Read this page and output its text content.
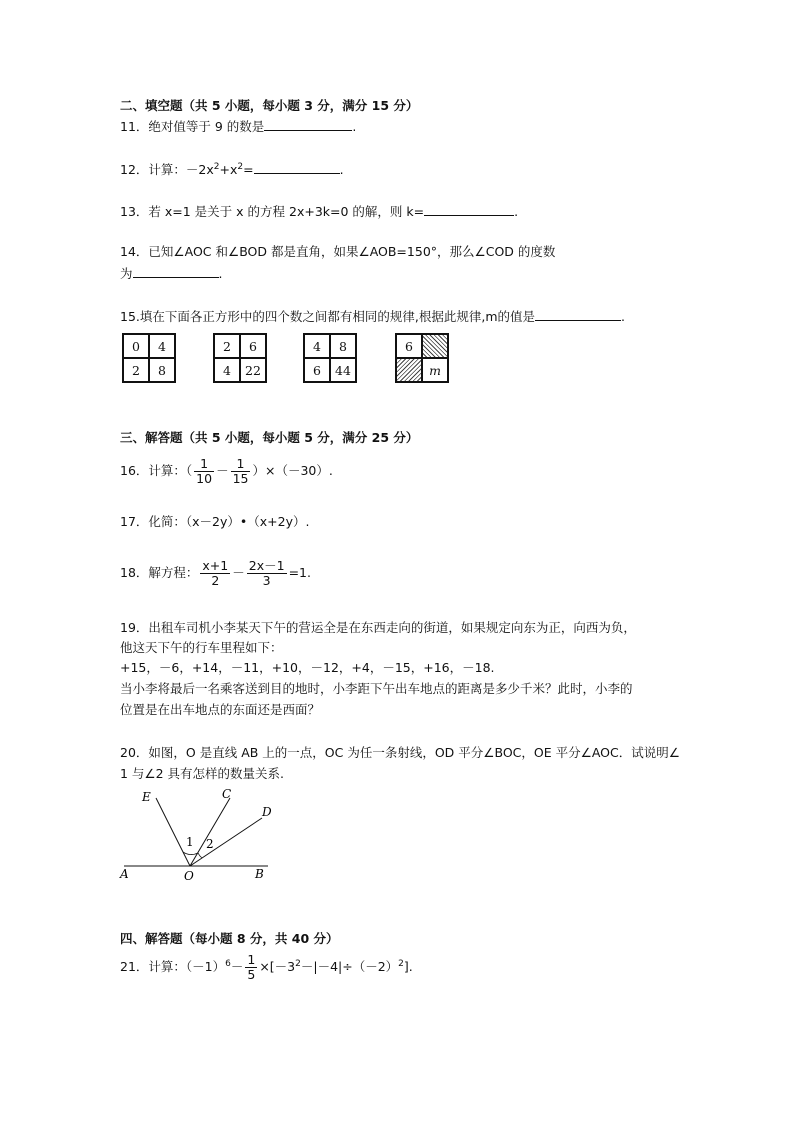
二、填空题（共 5 小题，每小题 3 分，满分 15 分）
11．绝对值等于 9 的数是	.
12．计算：$-2x^2+x^2=$	.
13．若 x=1 是关于 x 的方程 2x+3k=0 的解，则 k=	.
14．已知∠AOC 和∠BOD 都是直角，如果∠AOB=150°，那么∠COD 的度数
为	.
15.填在下面各正方形中的四个数之间都有相同的规律,根据此规律,m的值是	.
0	4
2	8
2	6
4	22
4	8
6	44
6
m
三、解答题（共 5 小题，每小题 5 分，满分 25 分）
16．计算：（ $\frac{1}{10} - \frac{1}{15} )\times(-30)$.
17．化简：（x－2y）•（x+2y）.
18．解方程： $\frac{x+1}{2} - \frac{2x-1}{3} =1$.
19．出租车司机小李某天下午的营运全是在东西走向的街道，如果规定向东为正，向西为负，
他这天下午的行车里程如下：
+15，－6，+14，－11，+10，－12，+4，－15，+16，－18.
当小李将最后一名乘客送到目的地时，小李距下午出车地点的距离是多少千米？此时，小李的
位置是在出车地点的东面还是西面？
20．如图，O 是直线 AB 上的一点，OC 为任一条射线，OD 平分∠BOC，OE 平分∠AOC．试说明∠
1 与∠2 具有怎样的数量关系.
E	C
D
1 2
A	O	B
四、解答题（每小题 8 分，共 40 分）
21．计算：$(-1)^6- \frac{1}{5} \times[-3^2-|-4|\div(-2)^2]$.
